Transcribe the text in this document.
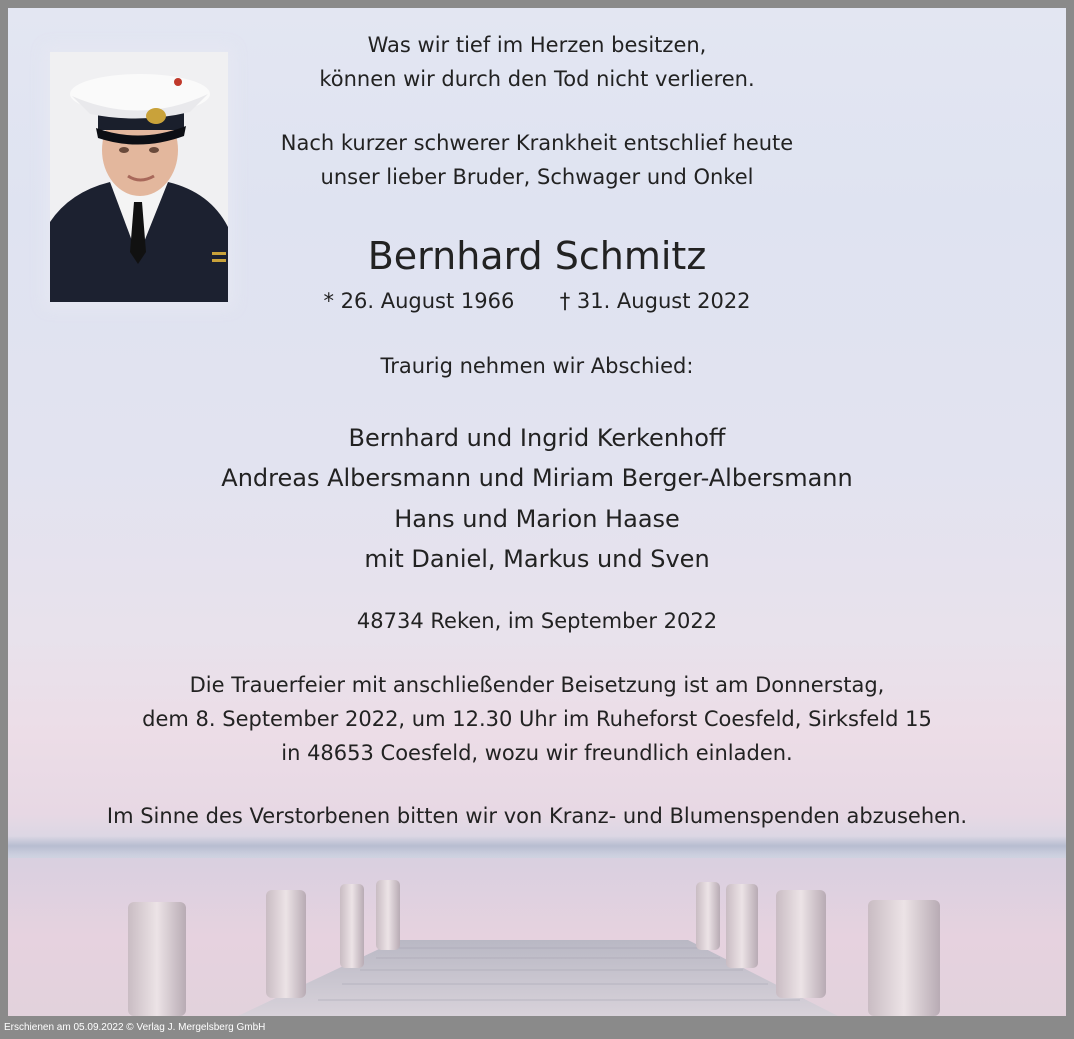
Was wir tief im Herzen besitzen,
können wir durch den Tod nicht verlieren.
Nach kurzer schwerer Krankheit entschlief heute
unser lieber Bruder, Schwager und Onkel
Bernhard Schmitz
* 26. August 1966 † 31. August 2022
Traurig nehmen wir Abschied:
Bernhard und Ingrid Kerkenhoff
Andreas Albersmann und Miriam Berger-Albersmann
Hans und Marion Haase
mit Daniel, Markus und Sven
48734 Reken, im September 2022
Die Trauerfeier mit anschließender Beisetzung ist am Donnerstag,
dem 8. September 2022, um 12.30 Uhr im Ruheforst Coesfeld, Sirksfeld 15
in 48653 Coesfeld, wozu wir freundlich einladen.
Im Sinne des Verstorbenen bitten wir von Kranz- und Blumenspenden abzusehen.
Erschienen am 05.09.2022 © Verlag J. Mergelsberg GmbH
